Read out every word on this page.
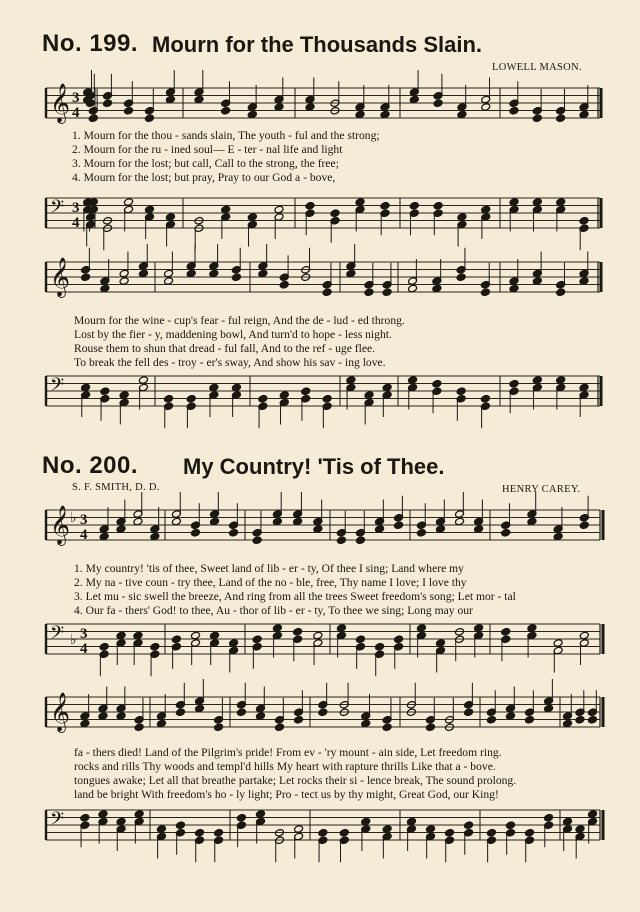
No. 199. Mourn for the Thousands Slain.
LOWELL MASON.
𝄞 3
4
1. Mourn for the thou - sands slain, The youth - ful and the strong;
2. Mourn for the ru - ined soul— E - ter - nal life and light
3. Mourn for the lost; but call, Call to the strong, the free;
4. Mourn for the lost; but pray, Pray to our God a - bove,
𝄢 3
4
𝄞
Mourn for the wine - cup's fear - ful reign, And the de - lud - ed throng.
Lost by the fier - y, maddening bowl, And turn'd to hope - less night.
Rouse them to shun that dread - ful fall, And to the ref - uge flee.
To break the fell des - troy - er's sway, And show his sav - ing love.
𝄢
No. 200. My Country! 'Tis of Thee.
S. F. SMITH, D. D.	HENRY CAREY.
𝄞 ♭ 3
4
1. My country! 'tis of thee, Sweet land of lib - er - ty, Of thee I sing; Land where my
2. My na - tive coun - try thee, Land of the no - ble, free, Thy name I love; I love thy
3. Let mu - sic swell the breeze, And ring from all the trees Sweet freedom's song; Let mor - tal
4. Our fa - thers' God! to thee, Au - thor of lib - er - ty, To thee we sing; Long may our
𝄢 ♭ 3
4
𝄞
fa - thers died! Land of the Pilgrim's pride! From ev - 'ry mount - ain side, Let freedom ring.
rocks and rills Thy woods and templ'd hills My heart with rapture thrills Like that a - bove.
tongues awake; Let all that breathe partake; Let rocks their si - lence break, The sound prolong.
land be bright With freedom's ho - ly light; Pro - tect us by thy might, Great God, our King!
𝄢
